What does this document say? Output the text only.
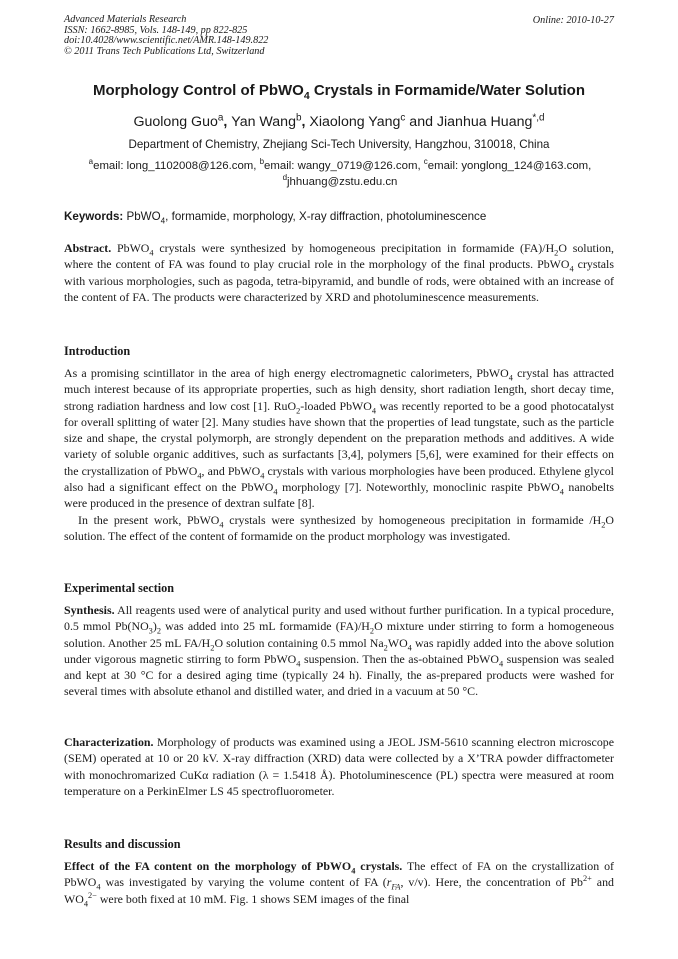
Advanced Materials Research
ISSN: 1662-8985, Vols. 148-149, pp 822-825
doi:10.4028/www.scientific.net/AMR.148-149.822
© 2011 Trans Tech Publications Ltd, Switzerland
Online: 2010-10-27
Morphology Control of PbWO$_4$ Crystals in Formamide/Water Solution
Guolong Guo$^a$, Yan Wang$^b$, Xiaolong Yang$^c$ and Jianhua Huang$^{*,d}$
Department of Chemistry, Zhejiang Sci-Tech University, Hangzhou, 310018, China
$^a$email: long_1102008@126.com, $^b$email: wangy_0719@126.com, $^c$email: yonglong_124@163.com,
$^d$jhhuang@zstu.edu.cn
Keywords: PbWO$_4$, formamide, morphology, X-ray diffraction, photoluminescence

Abstract. PbWO$_4$ crystals were synthesized by homogeneous precipitation in formamide $(FA)/H_2O$ solution, where the content of FA was found to play crucial role in the morphology of the final products. PbWO$_4$ crystals with various morphologies, such as pagoda, tetra-bipyramid, and bundle of rods, were obtained with an increase of the content of FA. The products were characterized by XRD and photoluminescence measurements.

Introduction

As a promising scintillator in the area of high energy electromagnetic calorimeters, PbWO$_4$ crystal has attracted much interest because of its appropriate properties, such as high density, short radiation length, short decay time, strong radiation hardness and low cost [1]. RuO$_2$-loaded PbWO$_4$ was recently reported to be a good photocatalyst for overall splitting of water [2]. Many studies have shown that the properties of lead tungstate, such as the particle size and shape, the crystal polymorph, are strongly dependent on the preparation methods and additives. A wide variety of soluble organic additives, such as surfactants [3,4], polymers [5,6], were examined for their effects on the crystallization of PbWO$_4$, and PbWO$_4$ crystals with various morphologies have been produced. Ethylene glycol also had a significant effect on the PbWO$_4$ morphology [7]. Noteworthly, monoclinic raspite PbWO$_4$ nanobelts were produced in the presence of dextran sulfate [8].

In the present work, PbWO$_4$ crystals were synthesized by homogeneous precipitation in formamide $/H_2O$ solution. The effect of the content of formamide on the product morphology was investigated.

Experimental section

Synthesis. All reagents used were of analytical purity and used without further purification. In a typical procedure, 0.5 mmol $Pb(NO_3)_2$ was added into 25 mL formamide $(FA)/H_2O$ mixture under stirring to form a homogeneous solution. Another 25 mL $FA/H_2O$ solution containing 0.5 mmol $Na_2WO_4$ was rapidly added into the above solution under vigorous magnetic stirring to form PbWO$_4$ suspension. Then the as-obtained PbWO$_4$ suspension was sealed and kept at 30 °C for a desired aging time (typically 24 h). Finally, the as-prepared products were washed for several times with absolute ethanol and distilled water, and dried in a vacuum at 50 °C.

Characterization. Morphology of products was examined using a JEOL JSM-5610 scanning electron microscope (SEM) operated at 10 or 20 kV. X-ray diffraction (XRD) data were collected by a X’TRA powder diffractometer with monochromarized CuKα radiation (λ = 1.5418 Å). Photoluminescence (PL) spectra were measured at room temperature on a PerkinElmer LS 45 spectrofluorometer.

Results and discussion

Effect of the FA content on the morphology of PbWO$_4$ crystals. The effect of FA on the crystallization of PbWO$_4$ was investigated by varying the volume content of FA ($r_{FA}$, v/v). Here, the concentration of $Pb^{2+}$ and $WO_4^{2-}$ were both fixed at 10 mM. Fig. 1 shows SEM images of the final
